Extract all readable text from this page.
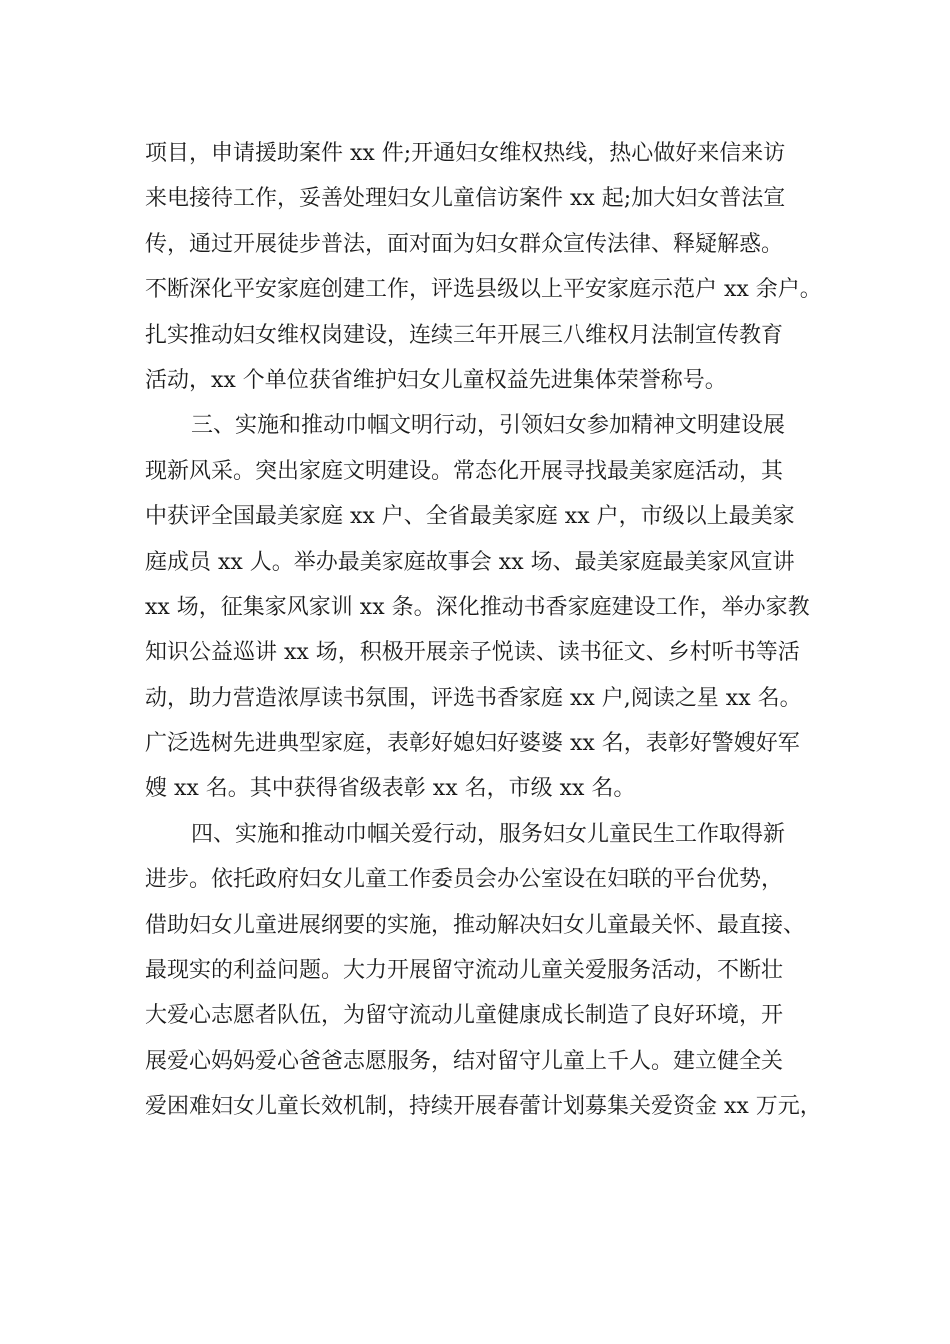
项目，申请援助案件 xx 件;开通妇女维权热线，热心做好来信来访
来电接待工作，妥善处理妇女儿童信访案件 xx 起;加大妇女普法宣
传，通过开展徒步普法，面对面为妇女群众宣传法律、释疑解惑。
不断深化平安家庭创建工作，评选县级以上平安家庭示范户 xx 余户。
扎实推动妇女维权岗建设，连续三年开展三八维权月法制宣传教育
活动，xx 个单位获省维护妇女儿童权益先进集体荣誉称号。
三、实施和推动巾帼文明行动，引领妇女参加精神文明建设展
现新风采。突出家庭文明建设。常态化开展寻找最美家庭活动，其
中获评全国最美家庭 xx 户、全省最美家庭 xx 户，市级以上最美家
庭成员 xx 人。举办最美家庭故事会 xx 场、最美家庭最美家风宣讲
xx 场，征集家风家训 xx 条。深化推动书香家庭建设工作，举办家教
知识公益巡讲 xx 场，积极开展亲子悦读、读书征文、乡村听书等活
动，助力营造浓厚读书氛围，评选书香家庭 xx 户,阅读之星 xx 名。
广泛选树先进典型家庭，表彰好媳妇好婆婆 xx 名，表彰好警嫂好军
嫂 xx 名。其中获得省级表彰 xx 名，市级 xx 名。
四、实施和推动巾帼关爱行动，服务妇女儿童民生工作取得新
进步。依托政府妇女儿童工作委员会办公室设在妇联的平台优势，
借助妇女儿童进展纲要的实施，推动解决妇女儿童最关怀、最直接、
最现实的利益问题。大力开展留守流动儿童关爱服务活动，不断壮
大爱心志愿者队伍，为留守流动儿童健康成长制造了良好环境，开
展爱心妈妈爱心爸爸志愿服务，结对留守儿童上千人。建立健全关
爱困难妇女儿童长效机制，持续开展春蕾计划募集关爱资金 xx 万元，
